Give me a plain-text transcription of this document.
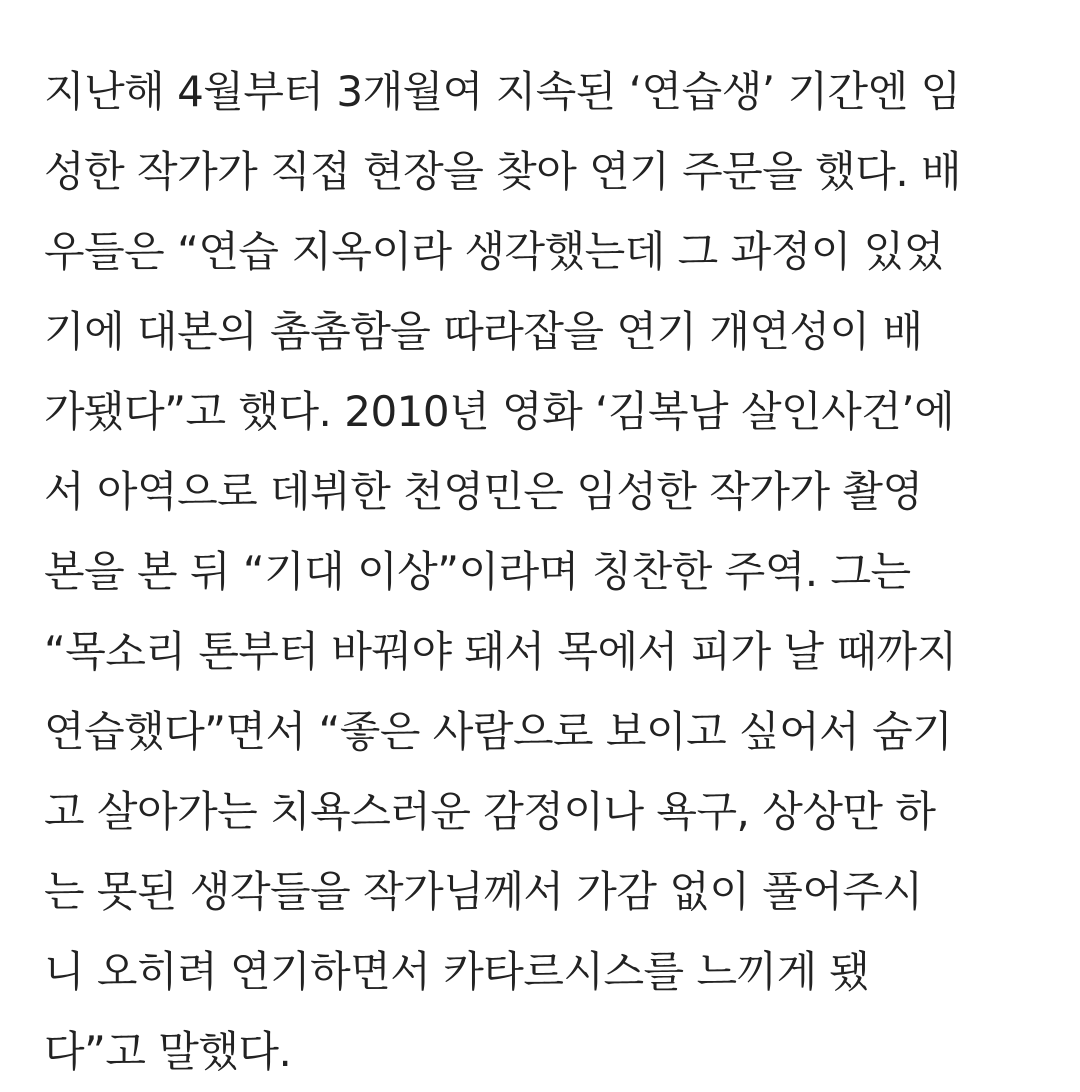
지난해 4월부터 3개월여 지속된 ‘연습생’ 기간엔 임
성한 작가가 직접 현장을 찾아 연기 주문을 했다. 배
우들은 “연습 지옥이라 생각했는데 그 과정이 있었
기에 대본의 촘촘함을 따라잡을 연기 개연성이 배
가됐다”고 했다. 2010년 영화 ‘김복남 살인사건’에
서 아역으로 데뷔한 천영민은 임성한 작가가 촬영
본을 본 뒤 “기대 이상”이라며 칭찬한 주역. 그는
“목소리 톤부터 바꿔야 돼서 목에서 피가 날 때까지
연습했다”면서 “좋은 사람으로 보이고 싶어서 숨기
고 살아가는 치욕스러운 감정이나 욕구, 상상만 하
는 못된 생각들을 작가님께서 가감 없이 풀어주시
니 오히려 연기하면서 카타르시스를 느끼게 됐
다”고 말했다.
